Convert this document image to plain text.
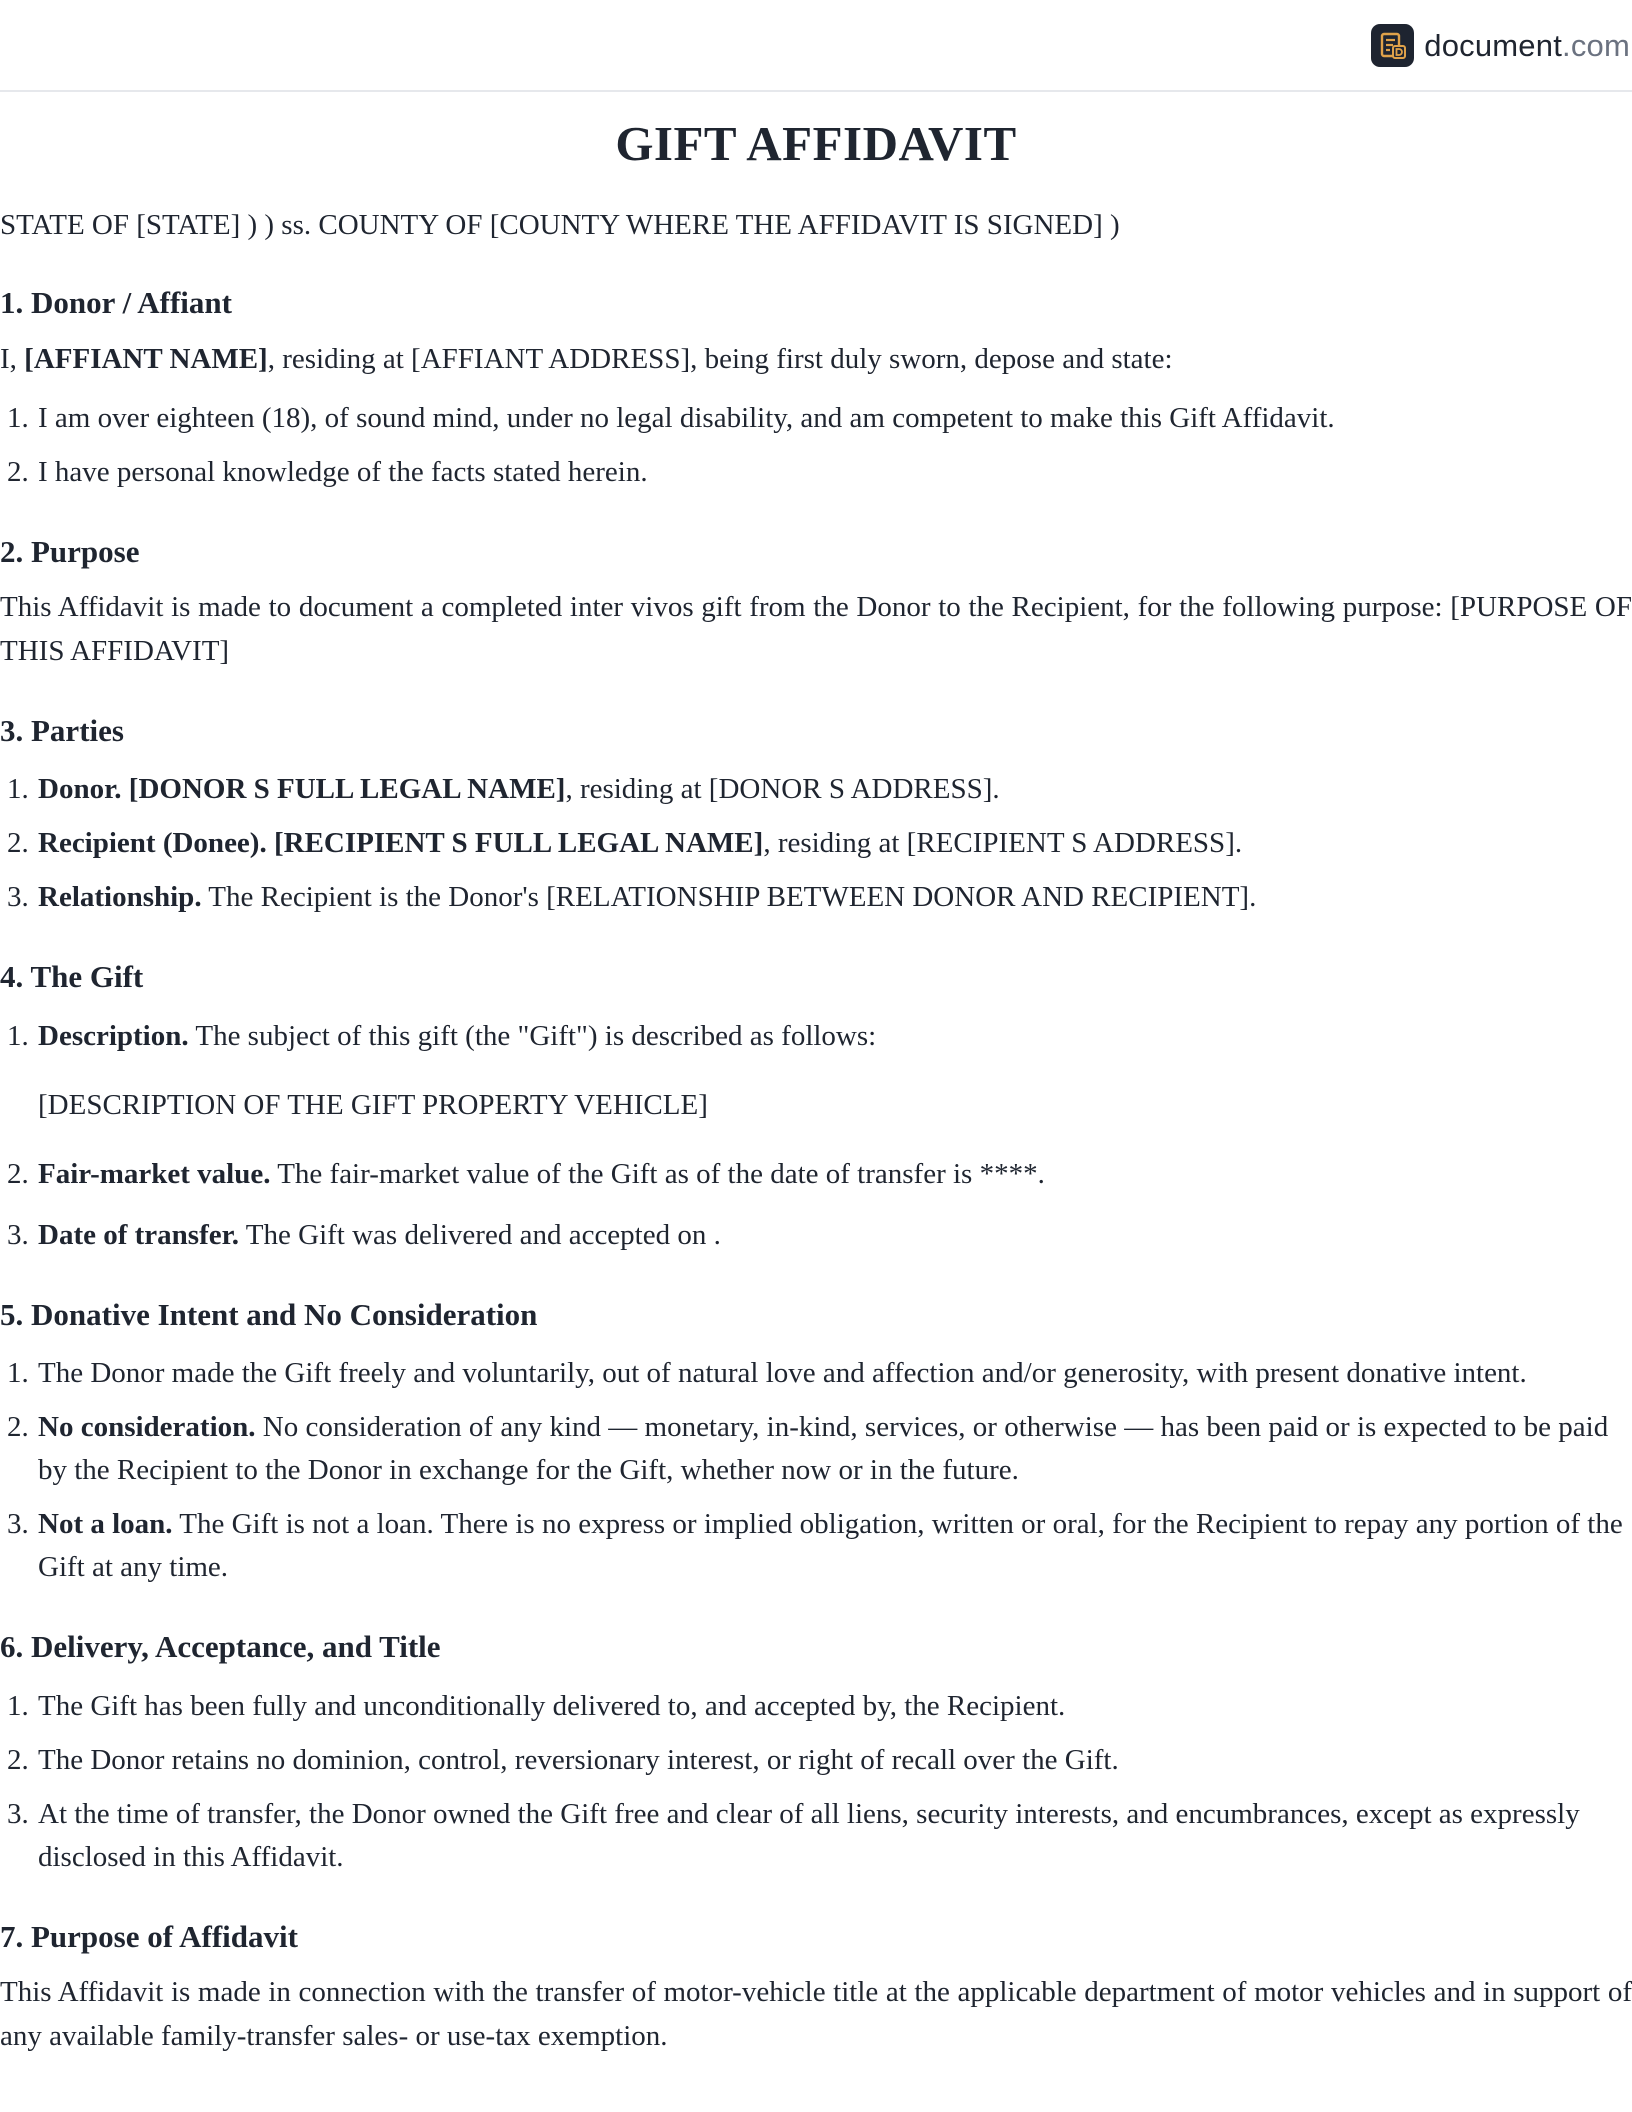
document.com
GIFT AFFIDAVIT

STATE OF [STATE] ) ) ss. COUNTY OF [COUNTY WHERE THE AFFIDAVIT IS SIGNED] )

1. Donor / Affiant

I, [AFFIANT NAME], residing at [AFFIANT ADDRESS], being first duly sworn, depose and state:

1. I am over eighteen (18), of sound mind, under no legal disability, and am competent to make this Gift Affidavit.
2. I have personal knowledge of the facts stated herein.
2. Purpose

This Affidavit is made to document a completed inter vivos gift from the Donor to the Recipient, for the following purpose: [PURPOSE OF THIS AFFIDAVIT]

3. Parties
1. Donor. [DONOR S FULL LEGAL NAME], residing at [DONOR S ADDRESS].
2. Recipient (Donee). [RECIPIENT S FULL LEGAL NAME], residing at [RECIPIENT S ADDRESS].
3. Relationship. The Recipient is the Donor's [RELATIONSHIP BETWEEN DONOR AND RECIPIENT].
4. The Gift
1. Description. The subject of this gift (the "Gift") is described as follows:
[DESCRIPTION OF THE GIFT PROPERTY VEHICLE]
2. Fair-market value. The fair-market value of the Gift as of the date of transfer is ****.
3. Date of transfer. The Gift was delivered and accepted on .
5. Donative Intent and No Consideration
1. The Donor made the Gift freely and voluntarily, out of natural love and affection and/or generosity, with present donative intent.
2. No consideration. No consideration of any kind — monetary, in-kind, services, or otherwise — has been paid or is expected to be paid by the Recipient to the Donor in exchange for the Gift, whether now or in the future.
3. Not a loan. The Gift is not a loan. There is no express or implied obligation, written or oral, for the Recipient to repay any portion of the Gift at any time.
6. Delivery, Acceptance, and Title
1. The Gift has been fully and unconditionally delivered to, and accepted by, the Recipient.
2. The Donor retains no dominion, control, reversionary interest, or right of recall over the Gift.
3. At the time of transfer, the Donor owned the Gift free and clear of all liens, security interests, and encumbrances, except as expressly disclosed in this Affidavit.
7. Purpose of Affidavit

This Affidavit is made in connection with the transfer of motor-vehicle title at the applicable department of motor vehicles and in support of any available family-transfer sales- or use-tax exemption.
